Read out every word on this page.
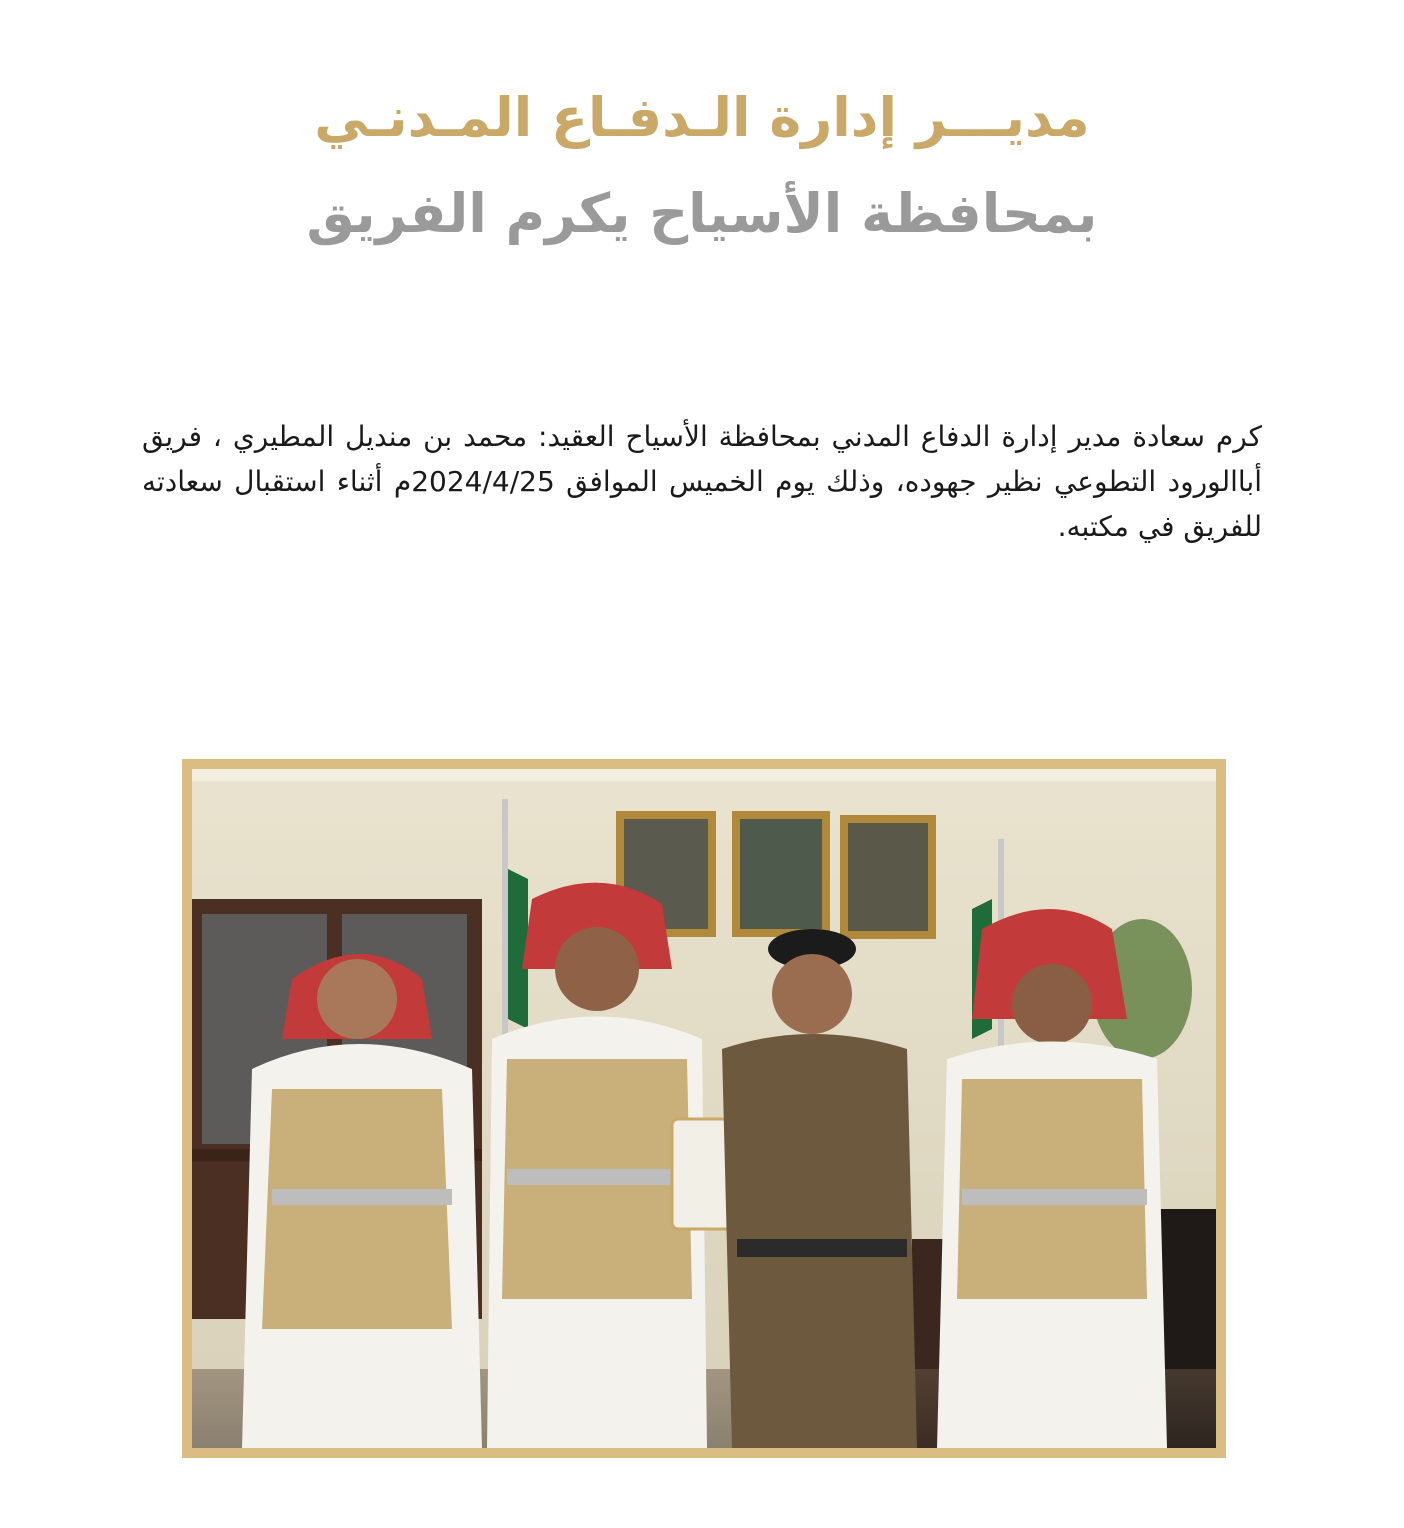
مديـــر إدارة الـدفـاع المـدنـي
بمحافظة الأسياح يكرم الفريق

كرم سعادة مدير إدارة الدفاع المدني بمحافظة الأسياح العقيد: محمد بن منديل المطيري ، فريق أباالورود التطوعي نظير جهوده، وذلك يوم الخميس الموافق 2024/4/25م أثناء استقبال سعادته للفريق في مكتبه.
